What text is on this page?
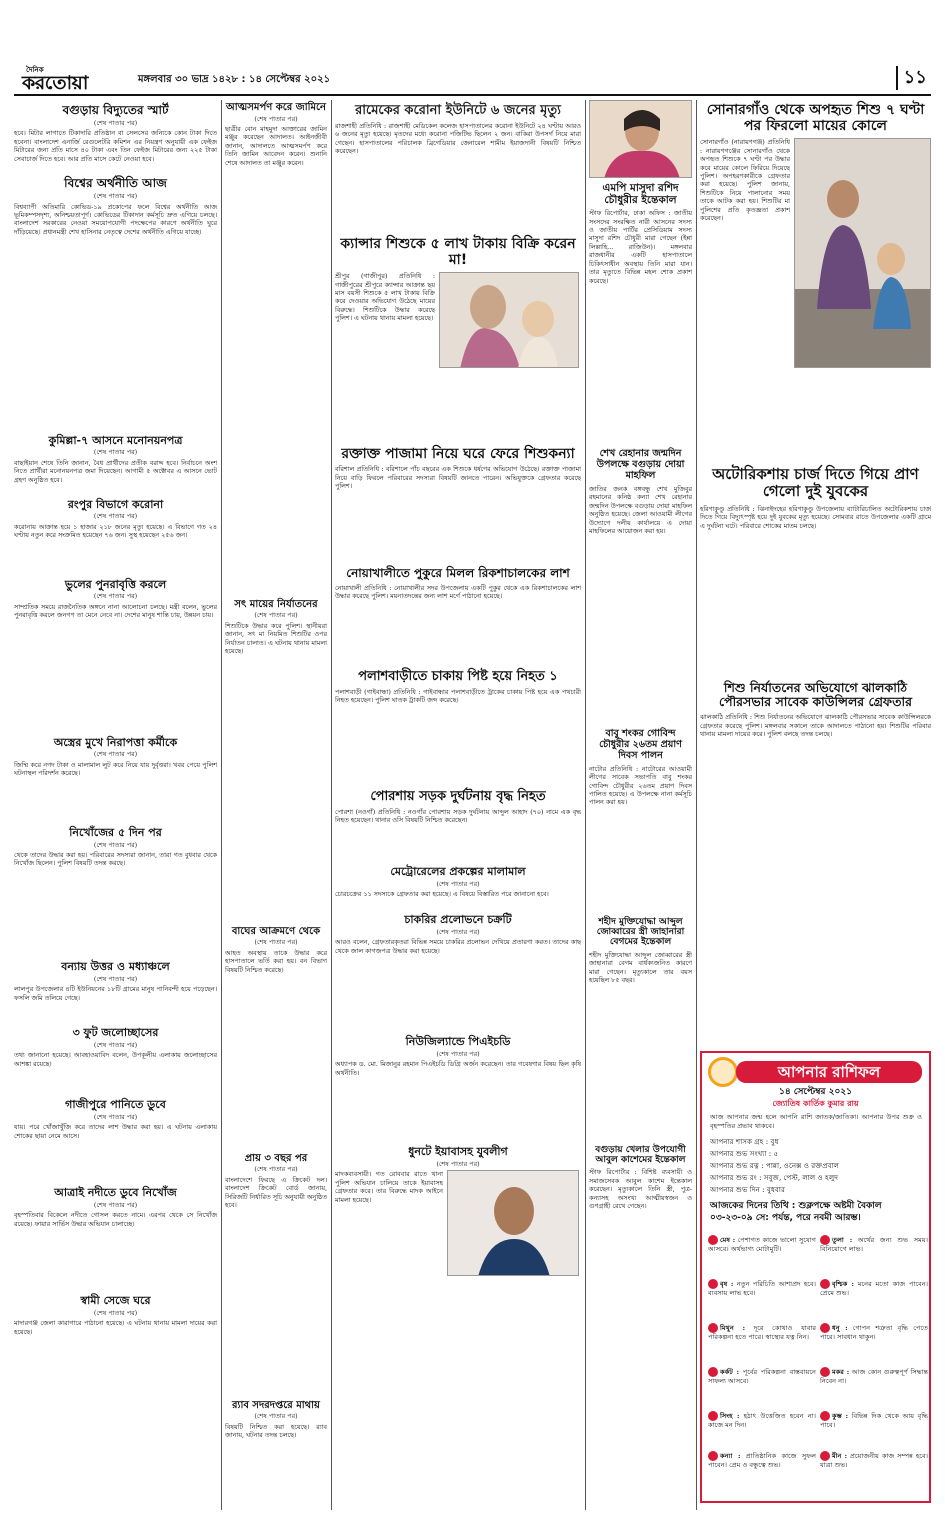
দৈনিক
করতোয়া	মঙ্গলবার ৩০ ভাদ্র ১৪২৮ : ১৪ সেপ্টেম্বর ২০২১	১১
বগুড়ায় বিদ্যুতের স্মার্ট
(শেষ পাতার পর)
হবে। মিটার লাগাতে টিকাদারি প্রতিষ্ঠান বা সেলসের জন্যিকে কোন টাকা দিতে হবেনা। বাংলাদেশ এনার্জি রেগুলেটরি কমিশন এর নিয়ন্ত্রণ অনুযায়ী এক ফেইজ মিটারের জন্য প্রতি মাসে ৪০ টাকা এবং তিন ফেইজ মিটারের জন্য ২২৫ টাকা সেবাচার্জ দিতে হবে। আর প্রতি মাসে কেটে নেওয়া হবে।
বিশ্বের অর্থনীতি আজ
(শেষ পাতার পর)
বিশ্বব্যাপী অতিমারি কোভিড-১৯ প্রকোপের ফলে বিশ্বের অর্থনীতি আজ ভূমিকম্পসদৃশ্য, অনিশ্চয়তাপূর্ণ। কোভিডের টিকাদান কর্মসূচি দ্রুত এগিয়ে চলছে। বাংলাদেশ সরকারের নেওয়া সময়োপযোগী পদক্ষেপের কারণে অর্থনীতি ঘুরে দাঁড়িয়েছে। প্রধানমন্ত্রী শেখ হাসিনার নেতৃত্বে দেশের অর্থনীতি এগিয়ে যাচ্ছে।
কুমিল্লা-৭ আসনে মনোনয়নপত্র
(শেষ পাতার পর)
বাছাইয়ান শেষে তিনি জানান, বৈধ প্রার্থীদের প্রতীক বরাদ্দ হবে। নির্বাচনে অংশ নিতে প্রার্থীরা মনোনয়নপত্র জমা দিয়েছেন। আগামী ৫ অক্টোবর এ আসনে ভোট গ্রহণ অনুষ্ঠিত হবে।
রংপুর বিভাগে করোনা
(শেষ পাতার পর)
করোনায় আক্রান্ত হয়ে ১ হাজার ২১৮ জনের মৃত্যু হয়েছে। এ বিভাগে গত ২৪ ঘণ্টায় নতুন করে সংক্রমিত হয়েছেন ৭৬ জন। সুস্থ হয়েছেন ২৫৬ জন।
ভুলের পুনরাবৃত্তি করলে
(শেষ পাতার পর)
সাম্প্রতিক সময়ে রাজনৈতিক অঙ্গনে নানা আলোচনা চলছে। মন্ত্রী বলেন, ভুলের পুনরাবৃত্তি করলে জনগণ তা মেনে নেবে না। দেশের মানুষ শান্তি চায়, উন্নয়ন চায়।
অস্ত্রের মুখে নিরাপত্তা কর্মীকে
(শেষ পাতার পর)
জিম্মি করে নগদ টাকা ও মালামাল লুট করে নিয়ে যায় দুর্বৃত্তরা। খবর পেয়ে পুলিশ ঘটনাস্থল পরিদর্শন করেছে।
নিখোঁজের ৫ দিন পর
(শেষ পাতার পর)
থেকে তাদের উদ্ধার করা হয়। পরিবারের সদস্যরা জানান, তারা গত বুধবার থেকে নিখোঁজ ছিলেন। পুলিশ বিষয়টি তদন্ত করছে।
বন্যায় উত্তর ও মধ্যাঞ্চলে
(শেষ পাতার পর)
লালপুর উপজেলার ৪টি ইউনিয়নের ১৮টি গ্রামের মানুষ পানিবন্দী হয়ে পড়েছেন। ফসলি জমি তলিয়ে গেছে।
৩ ফুট জলোচ্ছাসের
(শেষ পাতার পর)
তথ্য জানানো হয়েছে। আবহাওয়াবিদ বলেন, উপকূলীয় এলাকায় জলোচ্ছাসের আশঙ্কা রয়েছে।
গাজীপুরে পানিতে ডুবে
(শেষ পাতার পর)
যায়। পরে খোঁজাখুঁজি করে তাদের লাশ উদ্ধার করা হয়। এ ঘটনায় এলাকায় শোকের ছায়া নেমে আসে।
আত্রাই নদীতে ডুবে নিখোঁজ
(শেষ পাতার পর)
বৃহস্পতিবার বিকেলে নদীতে গোসল করতে নামে। এরপর থেকে সে নিখোঁজ রয়েছে। ফায়ার সার্ভিস উদ্ধার অভিযান চালাচ্ছে।
স্বামী সেজে ঘরে
(শেষ পাতার পর)
মাদারগঞ্জ জেলা কারাগারে পাঠানো হয়েছে। এ ঘটনায় থানায় মামলা দায়ের করা হয়েছে।
আত্মসমর্পণ করে জামিনে
(শেষ পাতার পর)
ছাত্রীর বোন মাহমুদা আক্তারের জামিন মঞ্জুর করেছেন আদালত। আইনজীবী জানান, আদালতে আত্মসমর্পণ করে তিনি জামিন আবেদন করেন। শুনানি শেষে আদালত তা মঞ্জুর করেন।
সৎ মায়ের নির্যাতনের
(শেষ পাতার পর)
শিশুটিকে উদ্ধার করে পুলিশ। স্থানীয়রা জানান, সৎ মা নিয়মিত শিশুটির ওপর নির্যাতন চালাত। এ ঘটনায় থানায় মামলা হয়েছে।
বাঘের আক্রমণে থেকে
(শেষ পাতার পর)
আহত অবস্থায় তাকে উদ্ধার করে হাসপাতালে ভর্তি করা হয়। বন বিভাগ বিষয়টি নিশ্চিত করেছে।
প্রায় ৩ বছর পর
(শেষ পাতার পর)
বাংলাদেশে ফিরছে এ ক্রিকেট দল। বাংলাদেশ ক্রিকেট বোর্ড জানায়, সিরিজটি নির্ধারিত সূচি অনুযায়ী অনুষ্ঠিত হবে।
র‌্যাব সদরদপ্তরে মাথায়
(শেষ পাতার পর)
বিষয়টি নিশ্চিত করা হয়েছে। র‌্যাব জানায়, ঘটনার তদন্ত চলছে।
রামেকের করোনা ইউনিটে ৬ জনের মৃত্যু
রাজশাহী প্রতিনিধি : রাজশাহী মেডিকেল কলেজ হাসপাতালের করোনা ইউনিটে ২৪ ঘণ্টায় আরও ৬ জনের মৃত্যু হয়েছে। মৃতদের মধ্যে করোনা পজিটিভ ছিলেন ২ জন। বাকিরা উপসর্গ নিয়ে মারা গেছেন। হাসপাতালের পরিচালক ব্রিগেডিয়ার জেনারেল শামীম ইয়াজদানী বিষয়টি নিশ্চিত করেছেন।
ক্যান্সার শিশুকে ৫ লাখ টাকায় বিক্রি করেন মা!
শ্রীপুর (গাজীপুর) প্রতিনিধি : গাজীপুরের শ্রীপুরে ক্যান্সার আক্রান্ত ছয় মাস বয়সী শিশুকে ৫ লাখ টাকায় বিক্রি করে দেওয়ার অভিযোগ উঠেছে মায়ের বিরুদ্ধে। শিশুটিকে উদ্ধার করেছে পুলিশ। এ ঘটনায় থানায় মামলা হয়েছে।
রক্তাক্ত পাজামা নিয়ে ঘরে ফেরে শিশুকন্যা
বরিশাল প্রতিনিধি : বরিশালে পাঁচ বছরের এক শিশুকে ধর্ষণের অভিযোগ উঠেছে। রক্তাক্ত পাজামা নিয়ে বাড়ি ফিরলে পরিবারের সদস্যরা বিষয়টি জানতে পারেন। অভিযুক্তকে গ্রেফতার করেছে পুলিশ।
নোয়াখালীতে পুকুরে মিলল রিকশাচালকের লাশ
নোয়াখালী প্রতিনিধি : নোয়াখালীর সদর উপজেলায় একটি পুকুর থেকে এক রিকশাচালকের লাশ উদ্ধার করেছে পুলিশ। ময়নাতদন্তের জন্য লাশ মর্গে পাঠানো হয়েছে।
পলাশবাড়ীতে চাকায় পিষ্ট হয়ে নিহত ১
পলাশবাড়ী (গাইবান্ধা) প্রতিনিধি : গাইবান্ধার পলাশবাড়ীতে ট্রাকের চাকায় পিষ্ট হয়ে এক পথচারী নিহত হয়েছেন। পুলিশ ঘাতক ট্রাকটি জব্দ করেছে।
পোরশায় সড়ক দুর্ঘটনায় বৃদ্ধ নিহত
পোরশা (নওগাঁ) প্রতিনিধি : নওগাঁর পোরশায় সড়ক দুর্ঘটনায় আব্দুল আহাদ (৭০) নামে এক বৃদ্ধ নিহত হয়েছেন। থানার ওসি বিষয়টি নিশ্চিত করেছেন।
মেট্রোরেলের প্রকল্পের মালামাল
(শেষ পাতার পর)
চোরচক্রের ১১ সদস্যকে গ্রেফতার করা হয়েছে। এ বিষয়ে বিস্তারিত পরে জানানো হবে।
চাকরির প্রলোভনে চক্রটি
(শেষ পাতার পর)
আরও বলেন, গ্রেফতারকৃতরা বিভিন্ন সময়ে চাকরির প্রলোভন দেখিয়ে প্রতারণা করত। তাদের কাছ থেকে জাল কাগজপত্র উদ্ধার করা হয়েছে।
নিউজিল্যান্ডে পিএইচডি
(শেষ পাতার পর)
অধ্যাপক ড. মো. মিজানুর রহমান পিএইচডি ডিগ্রি অর্জন করেছেন। তার গবেষণার বিষয় ছিল কৃষি অর্থনীতি।
ধুনটে ইয়াবাসহ যুবলীগ
(শেষ পাতার পর)
মাদকব্যবসায়ী। গত রোববার রাতে থানা পুলিশ অভিযান চালিয়ে তাকে ইয়াবাসহ গ্রেফতার করে। তার বিরুদ্ধে মাদক আইনে মামলা হয়েছে।
এমপি মাসুদা রশিদ চৌধুরীর ইন্তেকাল
স্টাফ রিপোর্টার, ঢাকা অফিস : জাতীয় সংসদের সংরক্ষিত নারী আসনের সদস্য ও জাতীয় পার্টির প্রেসিডিয়াম সদস্য মাসুদা রশিদ চৌধুরী মারা গেছেন (ইন্না লিল্লাহি... রাজিউন)। মঙ্গলবার রাজধানীর একটি হাসপাতালে চিকিৎসাধীন অবস্থায় তিনি মারা যান। তার মৃত্যুতে বিভিন্ন মহল শোক প্রকাশ করেছে।
শেখ রেহানার জন্মদিন উপলক্ষে বগুড়ায় দোয়া মাহফিল
জাতির জনক বঙ্গবন্ধু শেখ মুজিবুর রহমানের কনিষ্ঠ কন্যা শেখ রেহানার জন্মদিন উপলক্ষে বগুড়ায় দোয়া মাহফিল অনুষ্ঠিত হয়েছে। জেলা আওয়ামী লীগের উদ্যোগে দলীয় কার্যালয়ে এ দোয়া মাহফিলের আয়োজন করা হয়।
বাবু শংকর গোবিন্দ চৌধুরীর ২৬তম প্রয়াণ দিবস পালন
নাটোর প্রতিনিধি : নাটোরের আওয়ামী লীগের সাবেক সভাপতি বাবু শংকর গোবিন্দ চৌধুরীর ২৬তম প্রয়াণ দিবস পালিত হয়েছে। এ উপলক্ষে নানা কর্মসূচি পালন করা হয়।
শহীদ মুক্তিযোদ্ধা আব্দুল জোব্বারের স্ত্রী জাহানারা বেগমের ইন্তেকাল
শহীদ মুক্তিযোদ্ধা আব্দুল জোব্বারের স্ত্রী জাহানারা বেগম বার্ধক্যজনিত কারণে মারা গেছেন। মৃত্যুকালে তার বয়স হয়েছিল ৮৫ বছর।
বগুড়ায় খেলার উপযোগী আবুল কাশেমের ইন্তেকাল
স্টাফ রিপোর্টার : বিশিষ্ট ব্যবসায়ী ও সমাজসেবক আবুল কাশেম ইন্তেকাল করেছেন। মৃত্যুকালে তিনি স্ত্রী, পুত্র-কন্যাসহ অসংখ্য আত্মীয়স্বজন ও গুণগ্রাহী রেখে গেছেন।
সোনারগাঁও থেকে অপহৃত শিশু ৭ ঘণ্টা পর ফিরলো মায়ের কোলে
সোনারগাঁও (নারায়ণগঞ্জ) প্রতিনিধি : নারায়ণগঞ্জের সোনারগাঁও থেকে অপহৃত শিশুকে ৭ ঘণ্টা পর উদ্ধার করে মায়ের কোলে ফিরিয়ে দিয়েছে পুলিশ। অপহরণকারীকে গ্রেফতার করা হয়েছে। পুলিশ জানায়, শিশুটিকে নিয়ে পালানোর সময় তাকে আটক করা হয়। শিশুটির মা পুলিশের প্রতি কৃতজ্ঞতা প্রকাশ করেছেন।
অটোরিকশায় চার্জ দিতে গিয়ে প্রাণ গেলো দুই যুবকের
হরিণাকুণ্ডু প্রতিনিধি : ঝিনাইদহের হরিণাকুণ্ডু উপজেলায় ব্যাটারিচালিত অটোরিকশায় চার্জ দিতে গিয়ে বিদ্যুৎস্পৃষ্ট হয়ে দুই যুবকের মৃত্যু হয়েছে। সোমবার রাতে উপজেলার একটি গ্রামে এ দুর্ঘটনা ঘটে। পরিবারে শোকের মাতম চলছে।
শিশু নির্যাতনের অভিযোগে ঝালকাঠি পৌরসভার সাবেক কাউন্সিলর গ্রেফতার
ঝালকাঠি প্রতিনিধি : শিশু নির্যাতনের অভিযোগে ঝালকাঠি পৌরসভার সাবেক কাউন্সিলরকে গ্রেফতার করেছে পুলিশ। মঙ্গলবার সকালে তাকে আদালতে পাঠানো হয়। শিশুটির পরিবার থানায় মামলা দায়ের করে। পুলিশ বলছে তদন্ত চলছে।
আপনার রাশিফল
১৪ সেপ্টেম্বর ২০২১
জ্যোতিষ কার্তিক কুমার রায়
আজ আপনার জন্ম হলে আপনি রাশি জাতক/জাতিকা। আপনার উপর শুক্র ও বৃহস্পতির প্রভাব থাকবে।
আপনার শাসক গ্রহ : বুধ
আপনার শুভ সংখ্যা : ৫
আপনার শুভ রত্ন : পান্না, ওনেক্স ও রক্তপ্রবাল
আপনার শুভ রং : সবুজ, পেস্ট, লাল ও হলুদ
আপনার শুভ দিন : বুধবার
আজকের দিনের তিথি : শুক্লপক্ষে অষ্টমী বৈকাল ০৩-২৩-০৯ সে: পর্যন্ত, পরে নবমী আরম্ভ।
মেষ : পেশাগত কাজে ভালো সুযোগ আসবে। অর্থভাগ্য মোটামুটি।
বৃষ : নতুন পরিচিতি আশাপ্রদ হবে। ব্যবসায় লাভ হবে।
মিথুন : দূরে কোথাও যাবার পরিকল্পনা হতে পারে। স্বাস্থ্যের যত্ন নিন।
কর্কট : পূর্বের পরিকল্পনা বাস্তবায়নে সাফল্য আসবে।
সিংহ : হঠাৎ উত্তেজিত হবেন না। কাজে মন দিন।
কন্যা : প্রাতিষ্ঠানিক কাজে সুফল পাবেন। প্রেম ও বন্ধুত্বে শুভ।
তুলা : অর্থের জন্য শুভ সময়। বিনিয়োগে লাভ।
বৃশ্চিক : মনের মতো কাজ পাবেন। প্রেমে শুভ।
ধনু : গোপন শত্রুতা বৃদ্ধি পেতে পারে। সাবধান থাকুন।
মকর : আজ কোন গুরুত্বপূর্ণ সিদ্ধান্ত নিবেন না।
কুম্ভ : বিভিন্ন দিক থেকে আয় বৃদ্ধি পাবে।
মীন : প্রয়োজনীয় কাজ সম্পন্ন হবে। যাত্রা শুভ।
